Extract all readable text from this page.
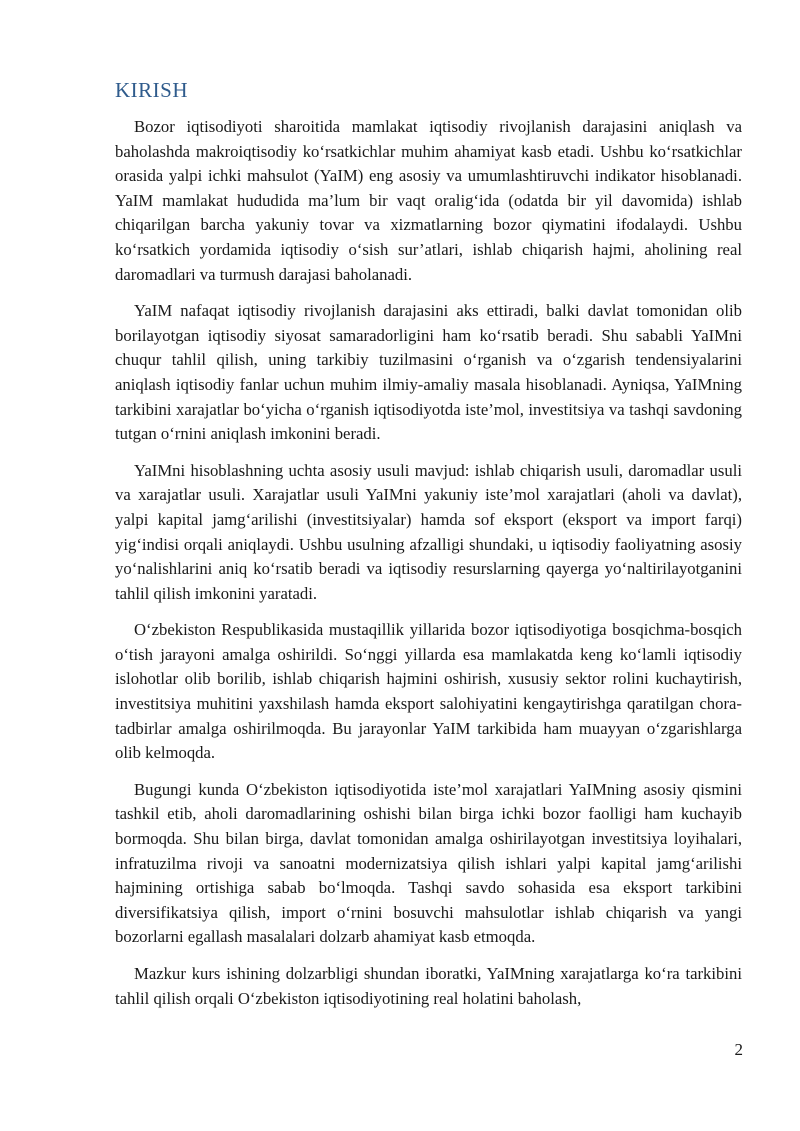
KIRISH

Bozor iqtisodiyoti sharoitida mamlakat iqtisodiy rivojlanish darajasini aniqlash va baholashda makroiqtisodiy ko‘rsatkichlar muhim ahamiyat kasb etadi. Ushbu ko‘rsatkichlar orasida yalpi ichki mahsulot (YaIM) eng asosiy va umumlashtiruvchi indikator hisoblanadi. YaIM mamlakat hududida ma’lum bir vaqt oralig‘ida (odatda bir yil davomida) ishlab chiqarilgan barcha yakuniy tovar va xizmatlarning bozor qiymatini ifodalaydi. Ushbu ko‘rsatkich yordamida iqtisodiy o‘sish sur’atlari, ishlab chiqarish hajmi, aholining real daromadlari va turmush darajasi baholanadi.

YaIM nafaqat iqtisodiy rivojlanish darajasini aks ettiradi, balki davlat tomonidan olib borilayotgan iqtisodiy siyosat samaradorligini ham ko‘rsatib beradi. Shu sababli YaIMni chuqur tahlil qilish, uning tarkibiy tuzilmasini o‘rganish va o‘zgarish tendensiyalarini aniqlash iqtisodiy fanlar uchun muhim ilmiy-amaliy masala hisoblanadi. Ayniqsa, YaIMning tarkibini xarajatlar bo‘yicha o‘rganish iqtisodiyotda iste’mol, investitsiya va tashqi savdoning tutgan o‘rnini aniqlash imkonini beradi.

YaIMni hisoblashning uchta asosiy usuli mavjud: ishlab chiqarish usuli, daromadlar usuli va xarajatlar usuli. Xarajatlar usuli YaIMni yakuniy iste’mol xarajatlari (aholi va davlat), yalpi kapital jamg‘arilishi (investitsiyalar) hamda sof eksport (eksport va import farqi) yig‘indisi orqali aniqlaydi. Ushbu usulning afzalligi shundaki, u iqtisodiy faoliyatning asosiy yo‘nalishlarini aniq ko‘rsatib beradi va iqtisodiy resurslarning qayerga yo‘naltirilayotganini tahlil qilish imkonini yaratadi.

O‘zbekiston Respublikasida mustaqillik yillarida bozor iqtisodiyotiga bosqichma-bosqich o‘tish jarayoni amalga oshirildi. So‘nggi yillarda esa mamlakatda keng ko‘lamli iqtisodiy islohotlar olib borilib, ishlab chiqarish hajmini oshirish, xususiy sektor rolini kuchaytirish, investitsiya muhitini yaxshilash hamda eksport salohiyatini kengaytirishga qaratilgan chora-tadbirlar amalga oshirilmoqda. Bu jarayonlar YaIM tarkibida ham muayyan o‘zgarishlarga olib kelmoqda.

Bugungi kunda O‘zbekiston iqtisodiyotida iste’mol xarajatlari YaIMning asosiy qismini tashkil etib, aholi daromadlarining oshishi bilan birga ichki bozor faolligi ham kuchayib bormoqda. Shu bilan birga, davlat tomonidan amalga oshirilayotgan investitsiya loyihalari, infratuzilma rivoji va sanoatni modernizatsiya qilish ishlari yalpi kapital jamg‘arilishi hajmining ortishiga sabab bo‘lmoqda. Tashqi savdo sohasida esa eksport tarkibini diversifikatsiya qilish, import o‘rnini bosuvchi mahsulotlar ishlab chiqarish va yangi bozorlarni egallash masalalari dolzarb ahamiyat kasb etmoqda.

Mazkur kurs ishining dolzarbligi shundan iboratki, YaIMning xarajatlarga ko‘ra tarkibini tahlil qilish orqali O‘zbekiston iqtisodiyotining real holatini baholash,

2
